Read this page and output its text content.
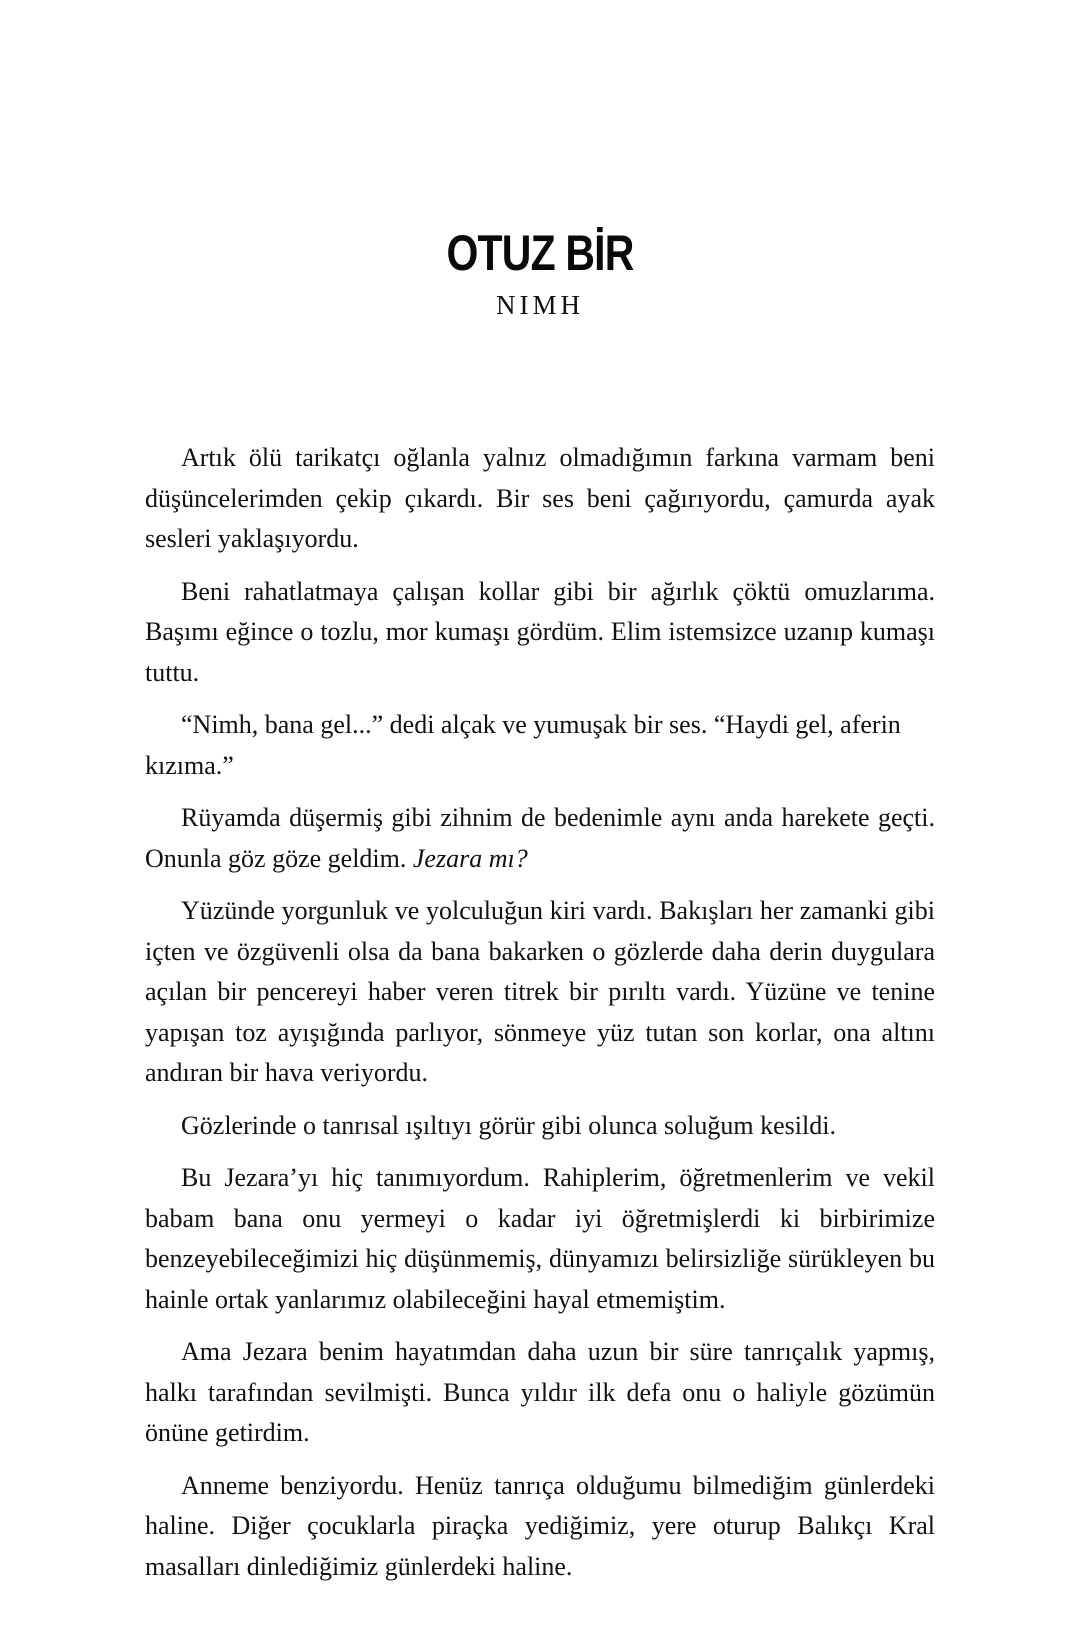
OTUZ BİR
NIMH

Artık ölü tarikatçı oğlanla yalnız olmadığımın farkına varmam beni düşüncelerimden çekip çıkardı. Bir ses beni çağırıyordu, çamurda ayak sesleri yaklaşıyordu.

Beni rahatlatmaya çalışan kollar gibi bir ağırlık çöktü omuzlarıma. Başımı eğince o tozlu, mor kumaşı gördüm. Elim istemsizce uzanıp kumaşı tuttu.

“Nimh, bana gel...” dedi alçak ve yumuşak bir ses. “Haydi gel, aferin kızıma.”

Rüyamda düşermiş gibi zihnim de bedenimle aynı anda harekete geçti. Onunla göz göze geldim. Jezara mı?

Yüzünde yorgunluk ve yolculuğun kiri vardı. Bakışları her zamanki gibi içten ve özgüvenli olsa da bana bakarken o gözlerde daha derin duygulara açılan bir pencereyi haber veren titrek bir pırıltı vardı. Yüzüne ve tenine yapışan toz ayışığında parlıyor, sönmeye yüz tutan son korlar, ona altını andıran bir hava veriyordu.

Gözlerinde o tanrısal ışıltıyı görür gibi olunca soluğum kesildi.

Bu Jezara’yı hiç tanımıyordum. Rahiplerim, öğretmenlerim ve vekil babam bana onu yermeyi o kadar iyi öğretmişlerdi ki birbirimize benzeyebileceğimizi hiç düşünmemiş, dünyamızı belirsizliğe sürükleyen bu hainle ortak yanlarımız olabileceğini hayal etmemiştim.

Ama Jezara benim hayatımdan daha uzun bir süre tanrıçalık yapmış, halkı tarafından sevilmişti. Bunca yıldır ilk defa onu o haliyle gözümün önüne getirdim.

Anneme benziyordu. Henüz tanrıça olduğumu bilmediğim günlerdeki haline. Diğer çocuklarla piraçka yediğimiz, yere oturup Balıkçı Kral masalları dinlediğimiz günlerdeki haline.
